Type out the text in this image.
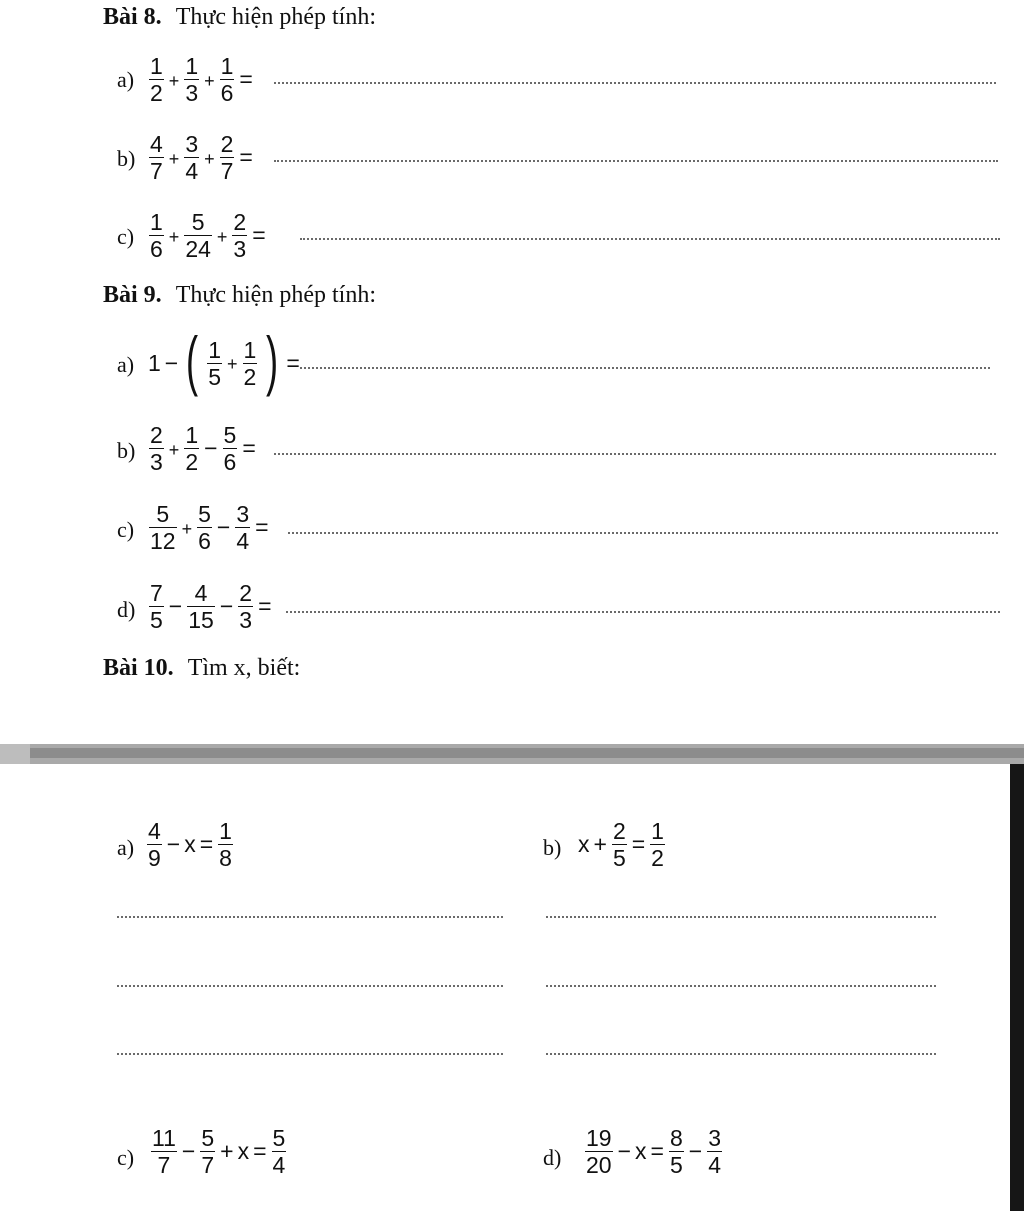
Bài 8. Thực hiện phép tính:
$a) \frac{1}{2} + \frac{1}{3} + \frac{1}{6}$ =
$b) \frac{4}{7} + \frac{3}{4} + \frac{2}{7}$ =
$c) \frac{1}{6} + \frac{5}{24} + \frac{2}{3}$ =
Bài 9. Thực hiện phép tính:
a) 1 − ( $\frac{1}{5} + \frac{1}{2}$ ) =
$b) \frac{2}{3} + \frac{1}{2} - \frac{5}{6}$ =
$c) \frac{5}{12} + \frac{5}{6} - \frac{3}{4}$ =
$d) \frac{7}{5} - \frac{4}{15} - \frac{2}{3}$ =
Bài 10. Tìm x, biết:
$a) \frac{4}{9} - x = \frac{1}{8}$	b) $x + \frac{2}{5} = \frac{1}{2}$
$c) \frac{11}{7} - \frac{5}{7} + x = \frac{5}{4}$	$d) \frac{19}{20} - x = \frac{8}{5} - \frac{3}{4}$
